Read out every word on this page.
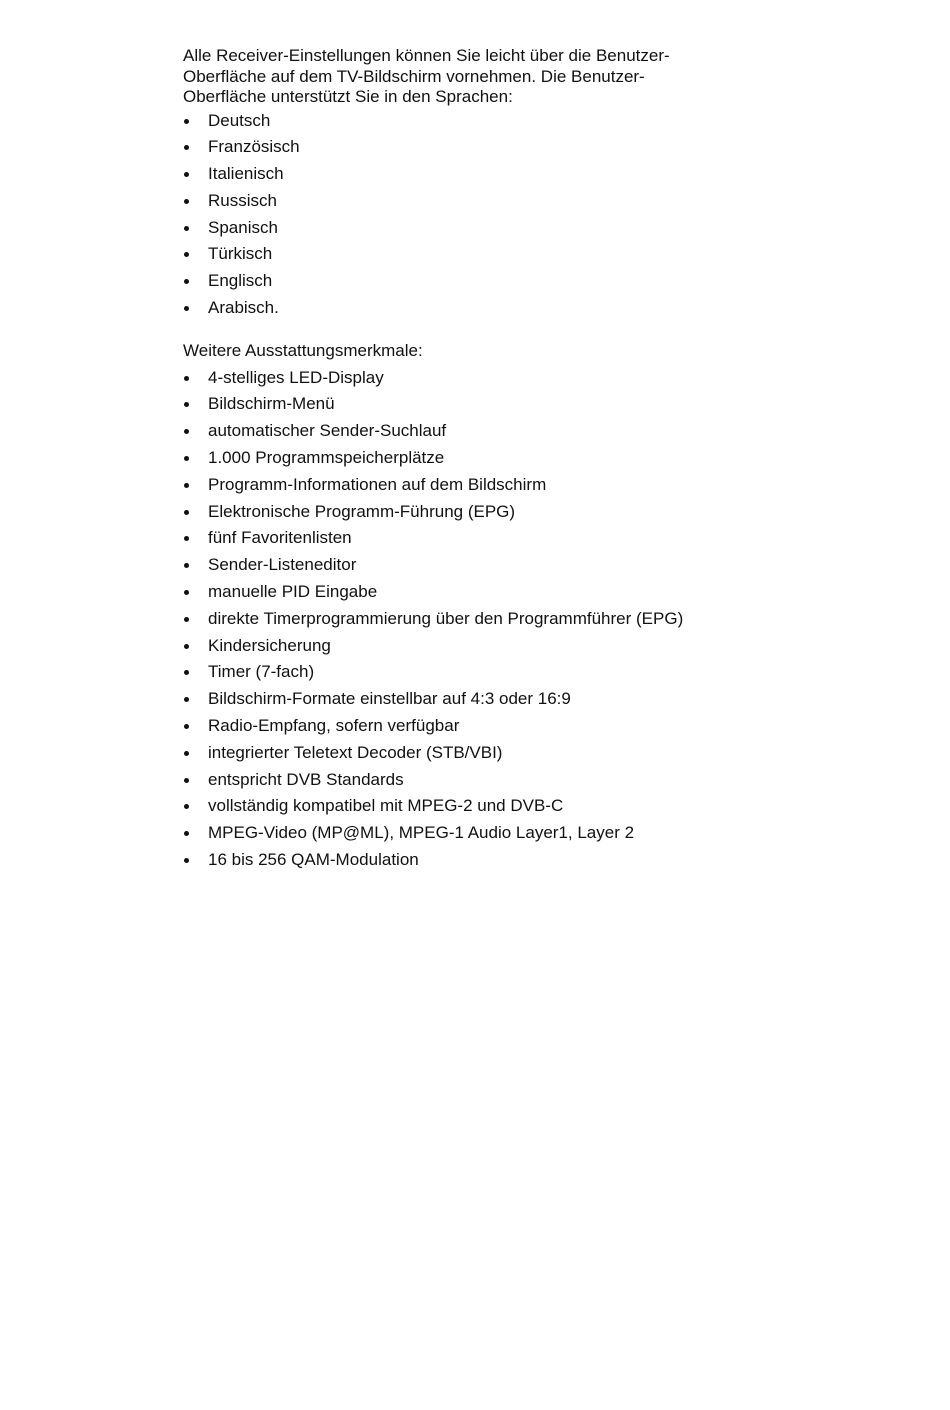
Alle Receiver-Einstellungen können Sie leicht über die Benutzer-
Oberfläche auf dem TV-Bildschirm vornehmen. Die Benutzer-
Oberfläche unterstützt Sie in den Sprachen:

Deutsch
Französisch
Italienisch
Russisch
Spanisch
Türkisch
Englisch
Arabisch.

Weitere Ausstattungsmerkmale:

4-stelliges LED-Display
Bildschirm-Menü
automatischer Sender-Suchlauf
1.000 Programmspeicherplätze
Programm-Informationen auf dem Bildschirm
Elektronische Programm-Führung (EPG)
fünf Favoritenlisten
Sender-Listeneditor
manuelle PID Eingabe
direkte Timerprogrammierung über den Programmführer (EPG)
Kindersicherung
Timer (7-fach)
Bildschirm-Formate einstellbar auf 4:3 oder 16:9
Radio-Empfang, sofern verfügbar
integrierter Teletext Decoder (STB/VBI)
entspricht DVB Standards
vollständig kompatibel mit MPEG-2 und DVB-C
MPEG-Video (MP@ML), MPEG-1 Audio Layer1, Layer 2
16 bis 256 QAM-Modulation
